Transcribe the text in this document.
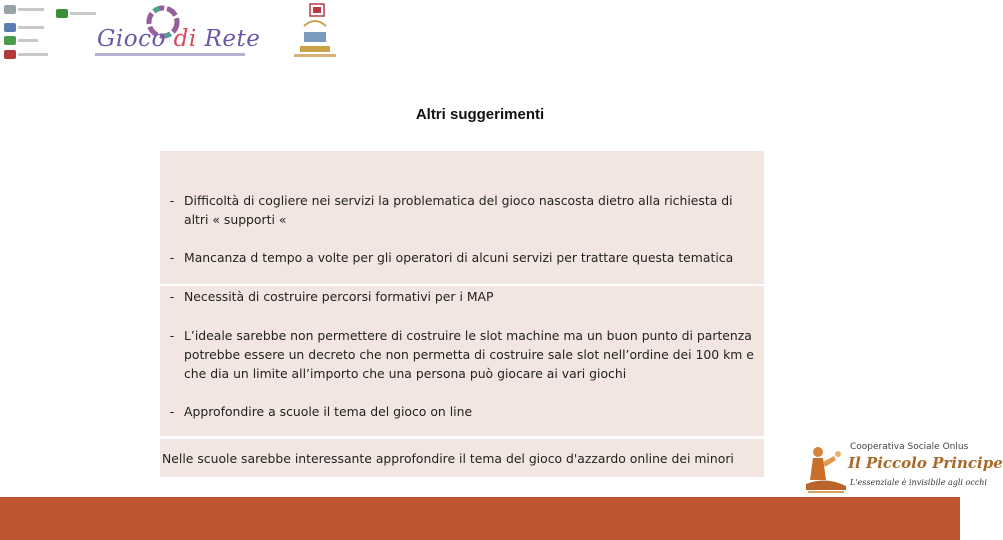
Gioco di Rete
Altri suggerimenti
- Difficoltà di cogliere nei servizi la problematica del gioco nascosta dietro alla richiesta di altri « supporti «
- Mancanza d tempo a volte per gli operatori di alcuni servizi per trattare questa tematica
- Necessità di costruire percorsi formativi per i MAP
- L’ideale sarebbe non permettere di costruire le slot machine ma un buon punto di partenza potrebbe essere un decreto che non permetta di costruire sale slot nell’ordine dei 100 km e che dia un limite all’importo che una persona può giocare ai vari giochi
- Approfondire a scuole il tema del gioco on line
Nelle scuole sarebbe interessante approfondire il tema del gioco d'azzardo online dei minori
Cooperativa Sociale Onlus
Il Piccolo Principe
L'essenziale è invisibile agli occhi
